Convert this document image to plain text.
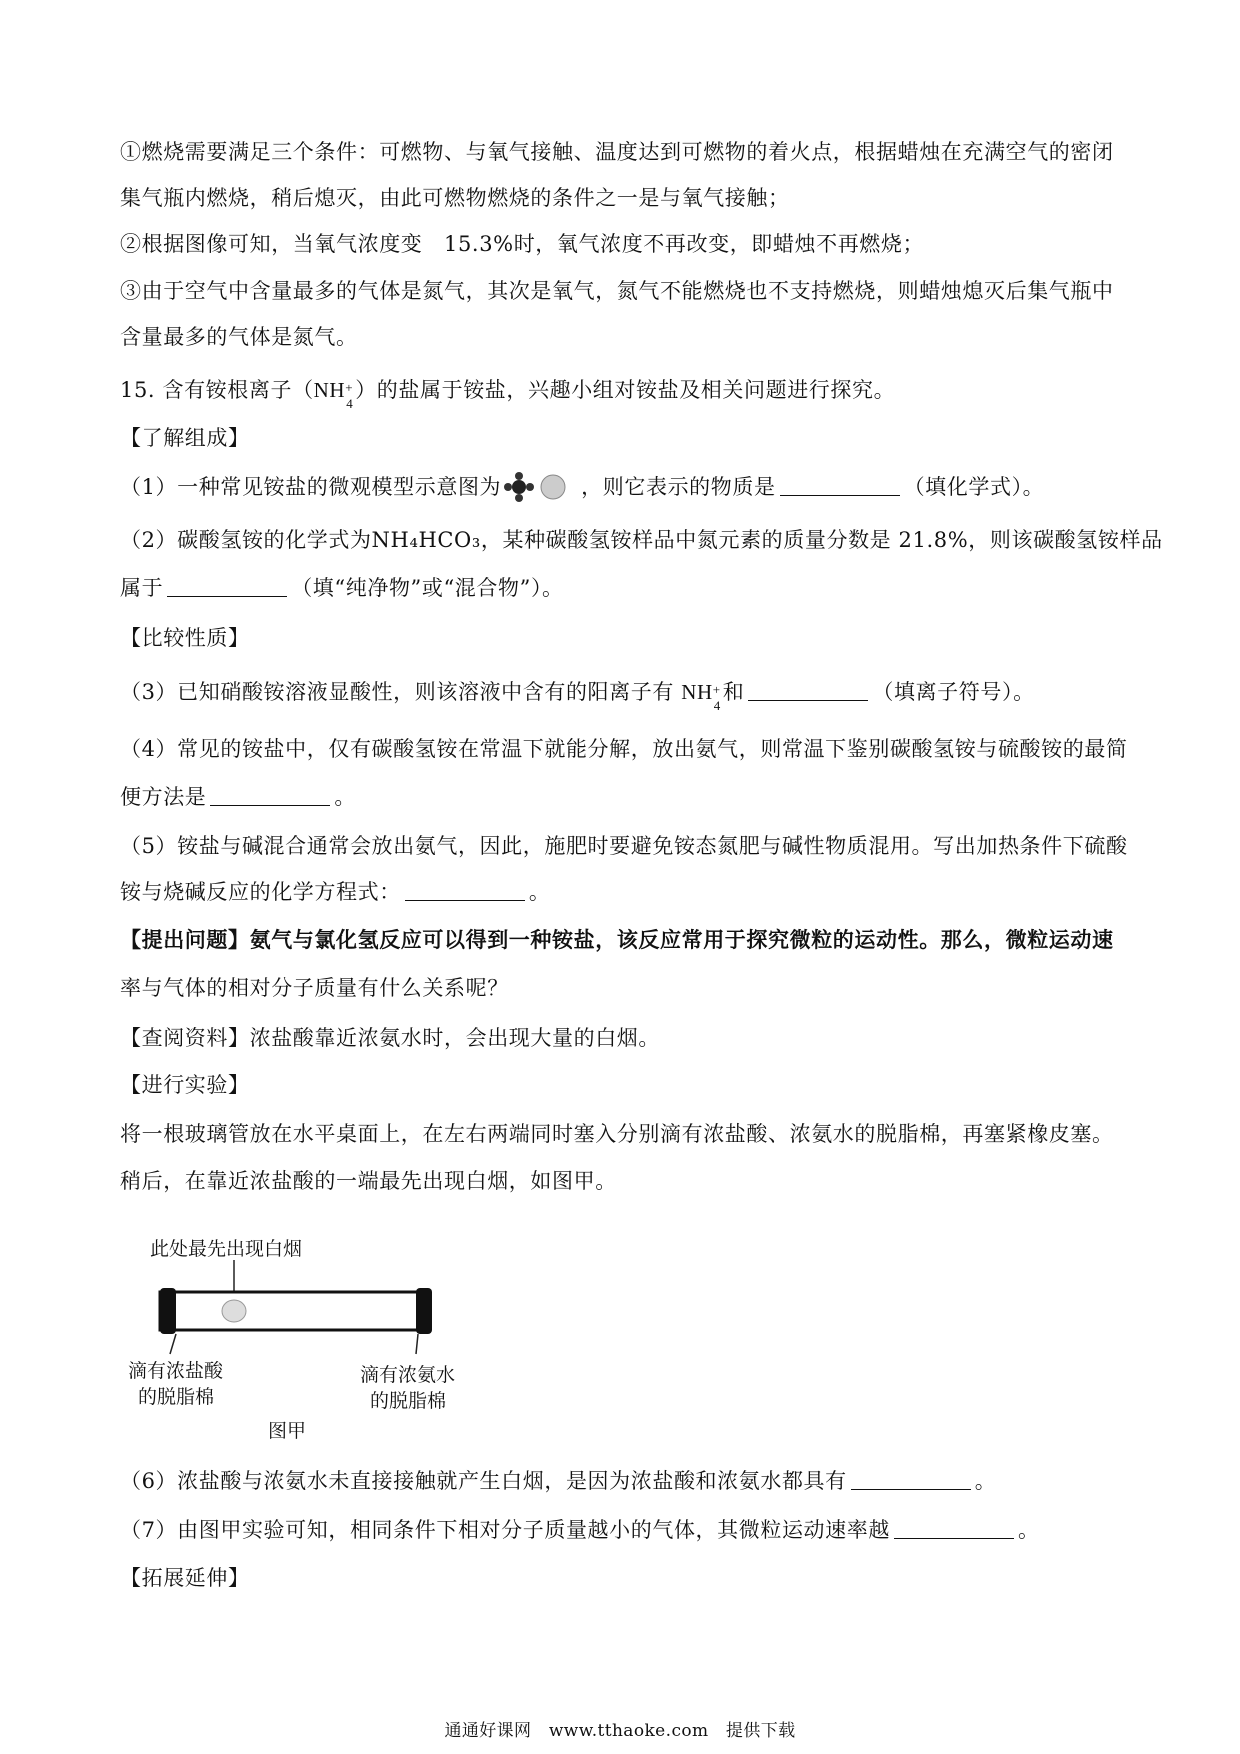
①燃烧需要满足三个条件：可燃物、与氧气接触、温度达到可燃物的着火点，根据蜡烛在充满空气的密闭
集气瓶内燃烧，稍后熄灭，由此可燃物燃烧的条件之一是与氧气接触；
②根据图像可知，当氧气浓度变　15.3%时，氧气浓度不再改变，即蜡烛不再燃烧；
③由于空气中含量最多的气体是氮气，其次是氧气，氮气不能燃烧也不支持燃烧，则蜡烛熄灭后集气瓶中
含量最多的气体是氮气。
15. 含有铵根离子（NH +
4
）的盐属于铵盐，兴趣小组对铵盐及相关问题进行探究。
【了解组成】
（1）一种常见铵盐的微观模型示意图为	，则它表示的物质是	（填化学式）。
（2）碳酸氢铵的化学式为NH₄HCO₃，某种碳酸氢铵样品中氮元素的质量分数是 21.8%，则该碳酸氢铵样品
属于	（填“纯净物”或“混合物”）。
【比较性质】
（3）已知硝酸铵溶液显酸性，则该溶液中含有的阳离子有 NH +
4
和	（填离子符号）。
（4）常见的铵盐中，仅有碳酸氢铵在常温下就能分解，放出氨气，则常温下鉴别碳酸氢铵与硫酸铵的最简
便方法是	。
（5）铵盐与碱混合通常会放出氨气，因此，施肥时要避免铵态氮肥与碱性物质混用。写出加热条件下硫酸
铵与烧碱反应的化学方程式：	。
【提出问题】氨气与氯化氢反应可以得到一种铵盐，该反应常用于探究微粒的运动性。那么，微粒运动速
率与气体的相对分子质量有什么关系呢？
【查阅资料】浓盐酸靠近浓氨水时，会出现大量的白烟。
【进行实验】
将一根玻璃管放在水平桌面上，在左右两端同时塞入分别滴有浓盐酸、浓氨水的脱脂棉，再塞紧橡皮塞。
稍后，在靠近浓盐酸的一端最先出现白烟，如图甲。
此处最先出现白烟
滴有浓盐酸
的脱脂棉
滴有浓氨水
的脱脂棉
图甲
（6）浓盐酸与浓氨水未直接接触就产生白烟，是因为浓盐酸和浓氨水都具有	。
（7）由图甲实验可知，相同条件下相对分子质量越小的气体，其微粒运动速率越	。
【拓展延伸】
通通好课网　www.tthaoke.com　提供下载
